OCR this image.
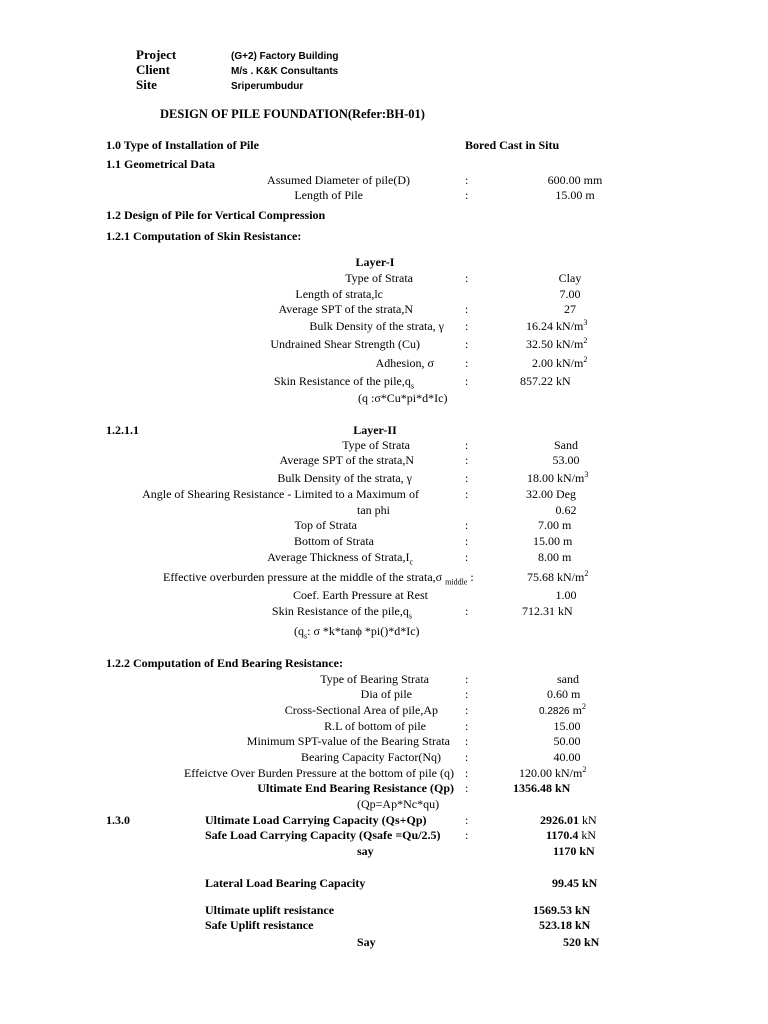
Project	(G+2) Factory Building
Client	M/s . K&K Consultants
Site	Sriperumbudur
DESIGN OF PILE FOUNDATION(Refer:BH-01)
1.0 Type of Installation of Pile	Bored Cast in Situ
1.1 Geometrical Data
Assumed Diameter of pile(D)	:	600.00 mm
Length of Pile	:	15.00 m
1.2 Design of Pile for Vertical Compression
1.2.1 Computation of Skin Resistance:
Layer-I
Type of Strata	:	Clay
Length of strata,lc	7.00
Average SPT of the strata,N	:	27
Bulk Density of the strata, γ :	16.24 $kN/m^3$
Undrained Shear Strength (Cu)	:	32.50 $kN/m^2$
Adhesion, σ	:	2.00 $kN/m^2$
Skin Resistance of the $pile,q_s$	:	857.22 kN
(q :σ*Cu*pi*d*Ic)
1.2.1.1	Layer-II
Type of Strata	:	Sand
Average SPT of the strata,N	:	53.00
Bulk Density of the strata, γ	:	18.00 $kN/m^3$
Angle of Shearing Resistance - Limited to a Maximum of	:	32.00 Deg
tan phi	0.62
Top of Strata	:	7.00 m
Bottom of Strata	:	15.00 m
Average Thickness of $Strata,I_c$	:	8.00 m
Effective overburden pressure at the middle of the strata,σ $_{middle}$ :	75.68 $kN/m^2$
Coef. Earth Pressure at Rest	1.00
Skin Resistance of the $pile,q_s$	:	712.31 kN
($q_s$: σ *k*tanϕ *pi()*d*Ic)
1.2.2 Computation of End Bearing Resistance:
Type of Bearing Strata	:	sand
Dia of pile	:	0.60 m
Cross-Sectional Area of pile,Ap :	0.2826 $m^2$
R.L of bottom of pile	:	15.00
Minimum SPT-value of the Bearing Strata :	50.00
Bearing Capacity Factor(Nq) :	40.00
Effeictve Over Burden Pressure at the bottom of pile (q) :	120.00 $kN/m^2$
Ultimate End Bearing Resistance (Qp) :	1356.48 kN
(Qp=Ap*Nc*qu)
1.3.0	Ultimate Load Carrying Capacity (Qs+Qp)	:	2926.01 kN
Safe Load Carrying Capacity (Qsafe =Qu/2.5) :	1170.4 kN
say	1170 kN
Lateral Load Bearing Capacity	99.45 kN
Ultimate uplift resistance	1569.53 kN
Safe Uplift resistance	523.18 kN
Say	520 kN
